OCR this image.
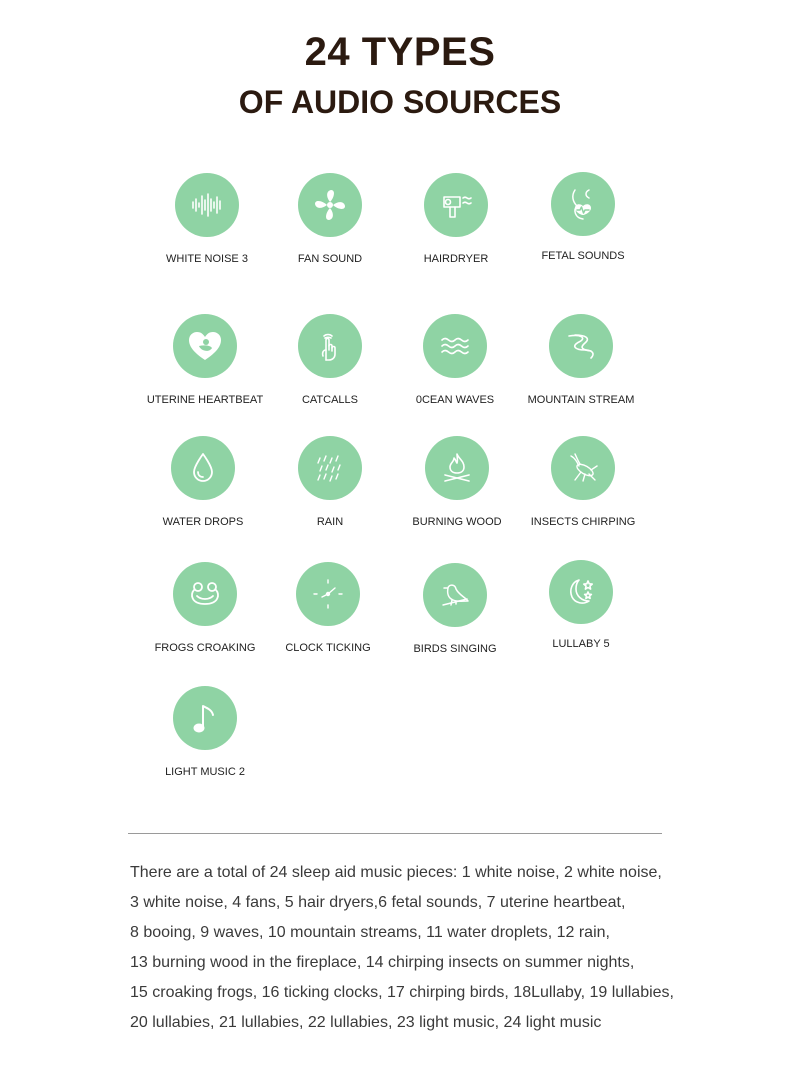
24 TYPES
OF AUDIO SOURCES
WHITE NOISE 3	FAN SOUND	HAIRDRYER	FETAL SOUNDS
UTERINE HEARTBEAT	CATCALLS	0CEAN WAVES	MOUNTAIN STREAM
WATER DROPS	RAIN	BURNING WOOD	INSECTS CHIRPING
FROGS CROAKING	CLOCK TICKING	BIRDS SINGING	LULLABY 5
LIGHT MUSIC 2
There are a total of 24 sleep aid music pieces: 1 white noise, 2 white noise,
3 white noise, 4 fans, 5 hair dryers,6 fetal sounds, 7 uterine heartbeat,
8 booing, 9 waves, 10 mountain streams, 11 water droplets, 12 rain,
13 burning wood in the fireplace, 14 chirping insects on summer nights,
15 croaking frogs, 16 ticking clocks, 17 chirping birds, 18Lullaby, 19 lullabies,
20 lullabies, 21 lullabies, 22 lullabies, 23 light music, 24 light music
